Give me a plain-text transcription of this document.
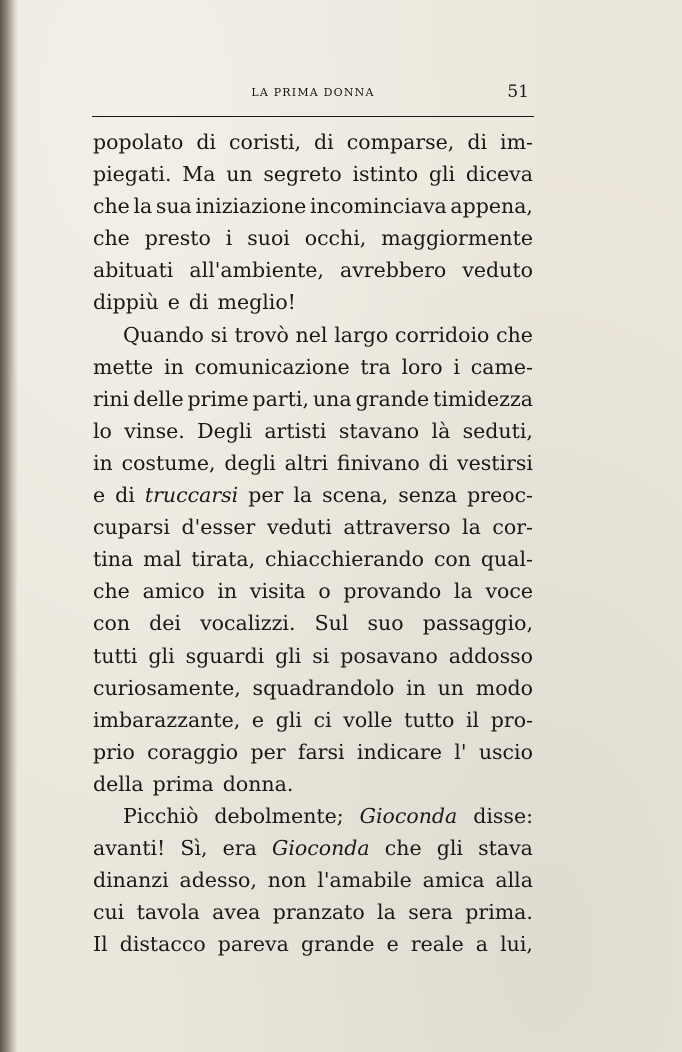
LA PRIMA DONNA	51
popolato di coristi, di comparse, di im-
piegati. Ma un segreto istinto gli diceva
che la sua iniziazione incominciava appena,
che presto i suoi occhi, maggiormente
abituati all'ambiente, avrebbero veduto
dippiù e di meglio!
Quando si trovò nel largo corridoio che
mette in comunicazione tra loro i came-
rini delle prime parti, una grande timidezza
lo vinse. Degli artisti stavano là seduti,
in costume, degli altri finivano di vestirsi
e di truccarsi per la scena, senza preoc-
cuparsi d'esser veduti attraverso la cor-
tina mal tirata, chiacchierando con qual-
che amico in visita o provando la voce
con dei vocalizzi. Sul suo passaggio,
tutti gli sguardi gli si posavano addosso
curiosamente, squadrandolo in un modo
imbarazzante, e gli ci volle tutto il pro-
prio coraggio per farsi indicare l' uscio
della prima donna.
Picchiò debolmente; Gioconda disse:
avanti! Sì, era Gioconda che gli stava
dinanzi adesso, non l'amabile amica alla
cui tavola avea pranzato la sera prima.
Il distacco pareva grande e reale a lui,
